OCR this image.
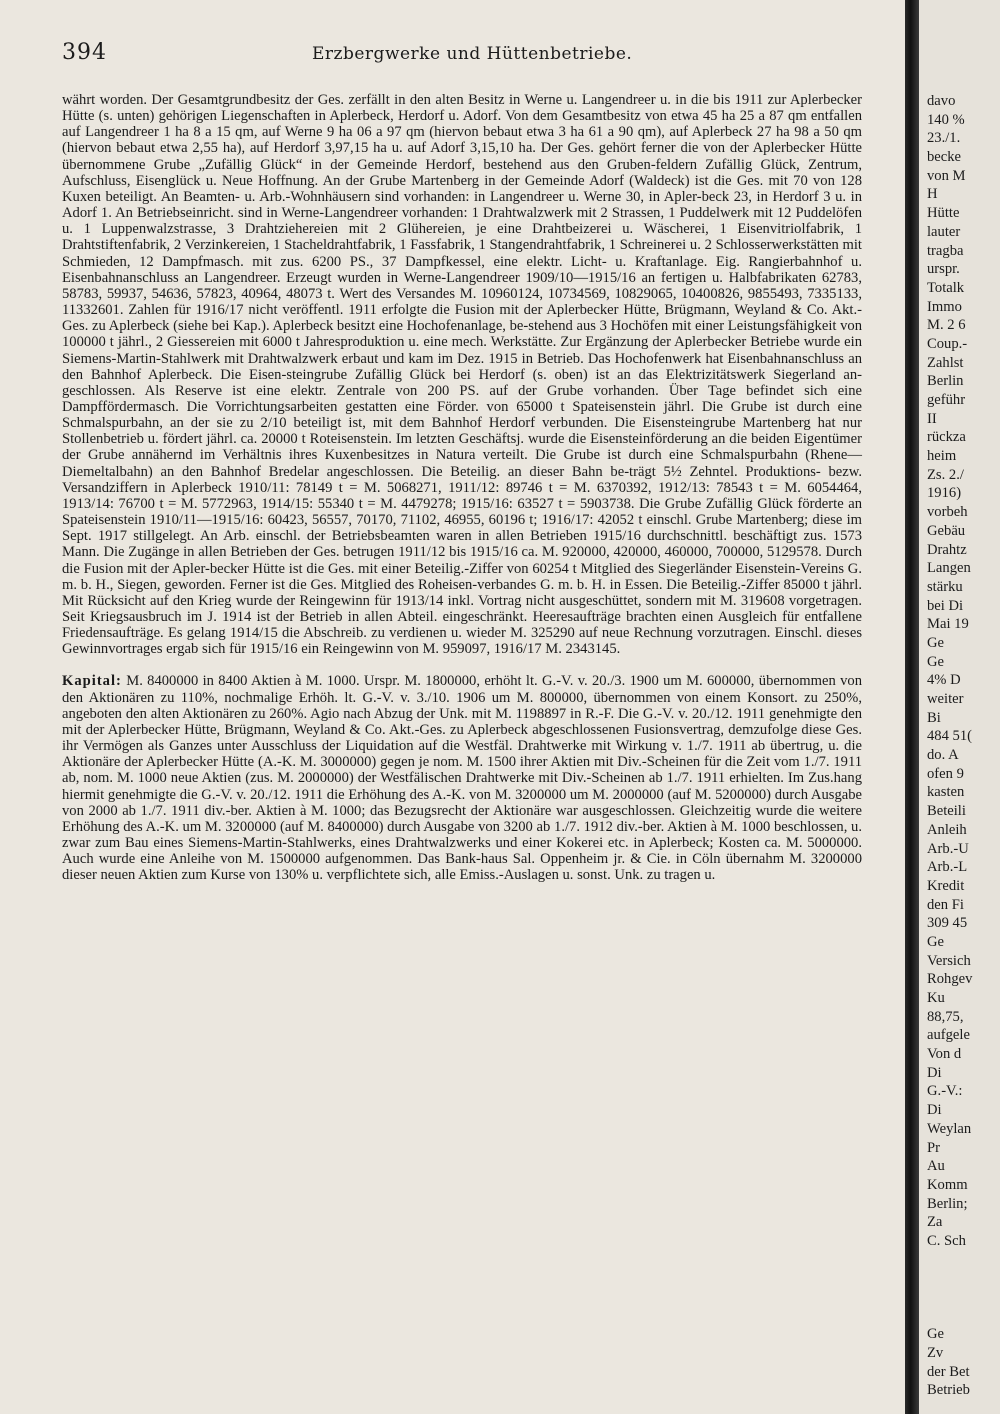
394	Erzbergwerke und Hüttenbetriebe.

währt worden. Der Gesamtgrundbesitz der Ges. zerfällt in den alten Besitz in Werne u. Langendreer u. in die bis 1911 zur Aplerbecker Hütte (s. unten) gehörigen Liegenschaften in Aplerbeck, Herdorf u. Adorf. Von dem Gesamtbesitz von etwa 45 ha 25 a 87 qm entfallen auf Langendreer 1 ha 8 a 15 qm, auf Werne 9 ha 06 a 97 qm (hiervon bebaut etwa 3 ha 61 a 90 qm), auf Aplerbeck 27 ha 98 a 50 qm (hiervon bebaut etwa 2,55 ha), auf Herdorf 3,97,15 ha u. auf Adorf 3,15,10 ha. Der Ges. gehört ferner die von der Aplerbecker Hütte übernommene Grube „Zufällig Glück“ in der Gemeinde Herdorf, bestehend aus den Gruben-feldern Zufällig Glück, Zentrum, Aufschluss, Eisenglück u. Neue Hoffnung. An der Grube Martenberg in der Gemeinde Adorf (Waldeck) ist die Ges. mit 70 von 128 Kuxen beteiligt. An Beamten- u. Arb.-Wohnhäusern sind vorhanden: in Langendreer u. Werne 30, in Apler-beck 23, in Herdorf 3 u. in Adorf 1. An Betriebseinricht. sind in Werne-Langendreer vorhanden: 1 Drahtwalzwerk mit 2 Strassen, 1 Puddelwerk mit 12 Puddelöfen u. 1 Luppenwalzstrasse, 3 Drahtziehereien mit 2 Glühereien, je eine Drahtbeizerei u. Wäscherei, 1 Eisenvitriolfabrik, 1 Drahtstiftenfabrik, 2 Verzinkereien, 1 Stacheldrahtfabrik, 1 Fassfabrik, 1 Stangendrahtfabrik, 1 Schreinerei u. 2 Schlosserwerkstätten mit Schmieden, 12 Dampfmasch. mit zus. 6200 PS., 37 Dampfkessel, eine elektr. Licht- u. Kraftanlage. Eig. Rangierbahnhof u. Eisenbahnanschluss an Langendreer. Erzeugt wurden in Werne-Langendreer 1909/10—1915/16 an fertigen u. Halbfabrikaten 62783, 58783, 59937, 54636, 57823, 40964, 48073 t. Wert des Versandes M. 10960124, 10734569, 10829065, 10400826, 9855493, 7335133, 11332601. Zahlen für 1916/17 nicht veröffentl. 1911 erfolgte die Fusion mit der Aplerbecker Hütte, Brügmann, Weyland & Co. Akt.-Ges. zu Aplerbeck (siehe bei Kap.). Aplerbeck besitzt eine Hochofenanlage, be-stehend aus 3 Hochöfen mit einer Leistungsfähigkeit von 100000 t jährl., 2 Giessereien mit 6000 t Jahresproduktion u. eine mech. Werkstätte. Zur Ergänzung der Aplerbecker Betriebe wurde ein Siemens-Martin-Stahlwerk mit Drahtwalzwerk erbaut und kam im Dez. 1915 in Betrieb. Das Hochofenwerk hat Eisenbahnanschluss an den Bahnhof Aplerbeck. Die Eisen-steingrube Zufällig Glück bei Herdorf (s. oben) ist an das Elektrizitätswerk Siegerland an-geschlossen. Als Reserve ist eine elektr. Zentrale von 200 PS. auf der Grube vorhanden. Über Tage befindet sich eine Dampffördermasch. Die Vorrichtungsarbeiten gestatten eine Förder. von 65000 t Spateisenstein jährl. Die Grube ist durch eine Schmalspurbahn, an der sie zu 2/10 beteiligt ist, mit dem Bahnhof Herdorf verbunden. Die Eisensteingrube Martenberg hat nur Stollenbetrieb u. fördert jährl. ca. 20000 t Roteisenstein. Im letzten Geschäftsj. wurde die Eisensteinförderung an die beiden Eigentümer der Grube annähernd im Verhältnis ihres Kuxenbesitzes in Natura verteilt. Die Grube ist durch eine Schmalspurbahn (Rhene—Diemeltalbahn) an den Bahnhof Bredelar angeschlossen. Die Beteilig. an dieser Bahn be-trägt 5½ Zehntel. Produktions- bezw. Versandziffern in Aplerbeck 1910/11: 78149 t = M. 5068271, 1911/12: 89746 t = M. 6370392, 1912/13: 78543 t = M. 6054464, 1913/14: 76700 t = M. 5772963, 1914/15: 55340 t = M. 4479278; 1915/16: 63527 t = 5903738. Die Grube Zufällig Glück förderte an Spateisenstein 1910/11—1915/16: 60423, 56557, 70170, 71102, 46955, 60196 t; 1916/17: 42052 t einschl. Grube Martenberg; diese im Sept. 1917 stillgelegt. An Arb. einschl. der Betriebsbeamten waren in allen Betrieben 1915/16 durchschnittl. beschäftigt zus. 1573 Mann. Die Zugänge in allen Betrieben der Ges. betrugen 1911/12 bis 1915/16 ca. M. 920000, 420000, 460000, 700000, 5129578. Durch die Fusion mit der Apler-becker Hütte ist die Ges. mit einer Beteilig.-Ziffer von 60254 t Mitglied des Siegerländer Eisenstein-Vereins G. m. b. H., Siegen, geworden. Ferner ist die Ges. Mitglied des Roheisen-verbandes G. m. b. H. in Essen. Die Beteilig.-Ziffer 85000 t jährl. Mit Rücksicht auf den Krieg wurde der Reingewinn für 1913/14 inkl. Vortrag nicht ausgeschüttet, sondern mit M. 319608 vorgetragen. Seit Kriegsausbruch im J. 1914 ist der Betrieb in allen Abteil. eingeschränkt. Heeresaufträge brachten einen Ausgleich für entfallene Friedensaufträge. Es gelang 1914/15 die Abschreib. zu verdienen u. wieder M. 325290 auf neue Rechnung vorzutragen. Einschl. dieses Gewinnvortrages ergab sich für 1915/16 ein Reingewinn von M. 959097, 1916/17 M. 2343145.

Kapital: M. 8400000 in 8400 Aktien à M. 1000. Urspr. M. 1800000, erhöht lt. G.-V. v. 20./3. 1900 um M. 600000, übernommen von den Aktionären zu 110%, nochmalige Erhöh. lt. G.-V. v. 3./10. 1906 um M. 800000, übernommen von einem Konsort. zu 250%, angeboten den alten Aktionären zu 260%. Agio nach Abzug der Unk. mit M. 1198897 in R.-F. Die G.-V. v. 20./12. 1911 genehmigte den mit der Aplerbecker Hütte, Brügmann, Weyland & Co. Akt.-Ges. zu Aplerbeck abgeschlossenen Fusionsvertrag, demzufolge diese Ges. ihr Vermögen als Ganzes unter Ausschluss der Liquidation auf die Westfäl. Drahtwerke mit Wirkung v. 1./7. 1911 ab übertrug, u. die Aktionäre der Aplerbecker Hütte (A.-K. M. 3000000) gegen je nom. M. 1500 ihrer Aktien mit Div.-Scheinen für die Zeit vom 1./7. 1911 ab, nom. M. 1000 neue Aktien (zus. M. 2000000) der Westfälischen Drahtwerke mit Div.-Scheinen ab 1./7. 1911 erhielten. Im Zus.hang hiermit genehmigte die G.-V. v. 20./12. 1911 die Erhöhung des A.-K. von M. 3200000 um M. 2000000 (auf M. 5200000) durch Ausgabe von 2000 ab 1./7. 1911 div.-ber. Aktien à M. 1000; das Bezugsrecht der Aktionäre war ausgeschlossen. Gleichzeitig wurde die weitere Erhöhung des A.-K. um M. 3200000 (auf M. 8400000) durch Ausgabe von 3200 ab 1./7. 1912 div.-ber. Aktien à M. 1000 beschlossen, u. zwar zum Bau eines Siemens-Martin-Stahlwerks, eines Drahtwalzwerks und einer Kokerei etc. in Aplerbeck; Kosten ca. M. 5000000. Auch wurde eine Anleihe von M. 1500000 aufgenommen. Das Bank-haus Sal. Oppenheim jr. & Cie. in Cöln übernahm M. 3200000 dieser neuen Aktien zum Kurse von 130% u. verpflichtete sich, alle Emiss.-Auslagen u. sonst. Unk. zu tragen u.

davo
140 %
23./1.
becke
von M
H
Hütte
lauter
tragba
urspr.
Totalk
Immo
M. 2 6
Coup.-
Zahlst
Berlin
geführ
II
rückza
heim
Zs. 2./
1916)
vorbeh
Gebäu
Drahtz
Langen
stärku
bei Di
Mai 19
Ge
Ge
4% D
weiter
Bi
484 51(
do. A
ofen 9
kasten
Beteili
Anleih
Arb.-U
Arb.-L
Kredit
den Fi
309 45
Ge
Versich
Rohgev
Ku
88,75,
aufgele
Von d
Di
G.-V.:
Di
Weylan
Pr
Au
Komm
Berlin;
Za
C. Sch
Ge
Zv
der Bet
Betrieb
